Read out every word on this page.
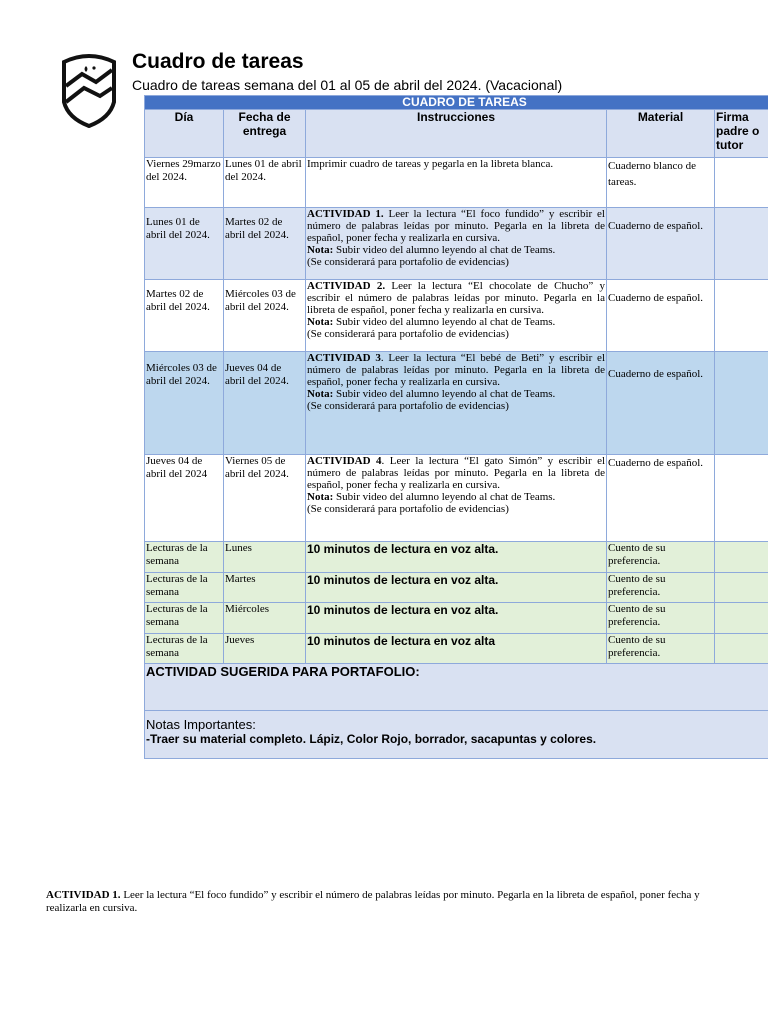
Cuadro de tareas
Cuadro de tareas semana del 01 al 05 de abril del 2024. (Vacacional)
CUADRO DE TAREAS				
Día	Fecha de entrega	Instrucciones	Material	Firma padre o tutor
Viernes 29marzo del 2024.	Lunes 01 de abril del 2024.	Imprimir cuadro de tareas y pegarla en la libreta blanca.	Cuaderno blanco de tareas.	
Lunes 01 de abril del 2024.	Martes 02 de abril del 2024.	ACTIVIDAD 1. Leer la lectura “El foco fundido” y escribir el número de palabras leídas por minuto. Pegarla en la libreta de español, poner fecha y realizarla en cursiva.
Nota: Subir video del alumno leyendo al chat de Teams.
(Se considerará para portafolio de evidencias)	Cuaderno de español.	
Martes 02 de abril del 2024.	Miércoles 03 de abril del 2024.	ACTIVIDAD 2. Leer la lectura “El chocolate de Chucho” y escribir el número de palabras leídas por minuto. Pegarla en la libreta de español, poner fecha y realizarla en cursiva.
Nota: Subir video del alumno leyendo al chat de Teams.
(Se considerará para portafolio de evidencias)	Cuaderno de español.	
Miércoles 03 de abril del 2024.	Jueves 04 de abril del 2024.	ACTIVIDAD 3. Leer la lectura “El bebé de Beti” y escribir el número de palabras leídas por minuto. Pegarla en la libreta de español, poner fecha y realizarla en cursiva.
Nota: Subir video del alumno leyendo al chat de Teams.
(Se considerará para portafolio de evidencias)	Cuaderno de español.	
Jueves 04 de abril del 2024	Viernes 05 de abril del 2024.	ACTIVIDAD 4. Leer la lectura “El gato Simón” y escribir el número de palabras leídas por minuto. Pegarla en la libreta de español, poner fecha y realizarla en cursiva.
Nota: Subir video del alumno leyendo al chat de Teams.
(Se considerará para portafolio de evidencias)	Cuaderno de español.	
Lecturas de la semana	Lunes	10 minutos de lectura en voz alta.	Cuento de su preferencia.	
Lecturas de la semana	Martes	10 minutos de lectura en voz alta.	Cuento de su preferencia.	
Lecturas de la semana	Miércoles	10 minutos de lectura en voz alta.	Cuento de su preferencia.	
Lecturas de la semana	Jueves	10 minutos de lectura en voz alta	Cuento de su preferencia.	
ACTIVIDAD SUGERIDA PARA PORTAFOLIO:				

Notas Importantes:
-Traer su material completo. Lápiz, Color Rojo, borrador, sacapuntas y colores.				
ACTIVIDAD 1. Leer la lectura “El foco fundido” y escribir el número de palabras leídas por minuto. Pegarla en la libreta de español, poner fecha y realizarla en cursiva.
